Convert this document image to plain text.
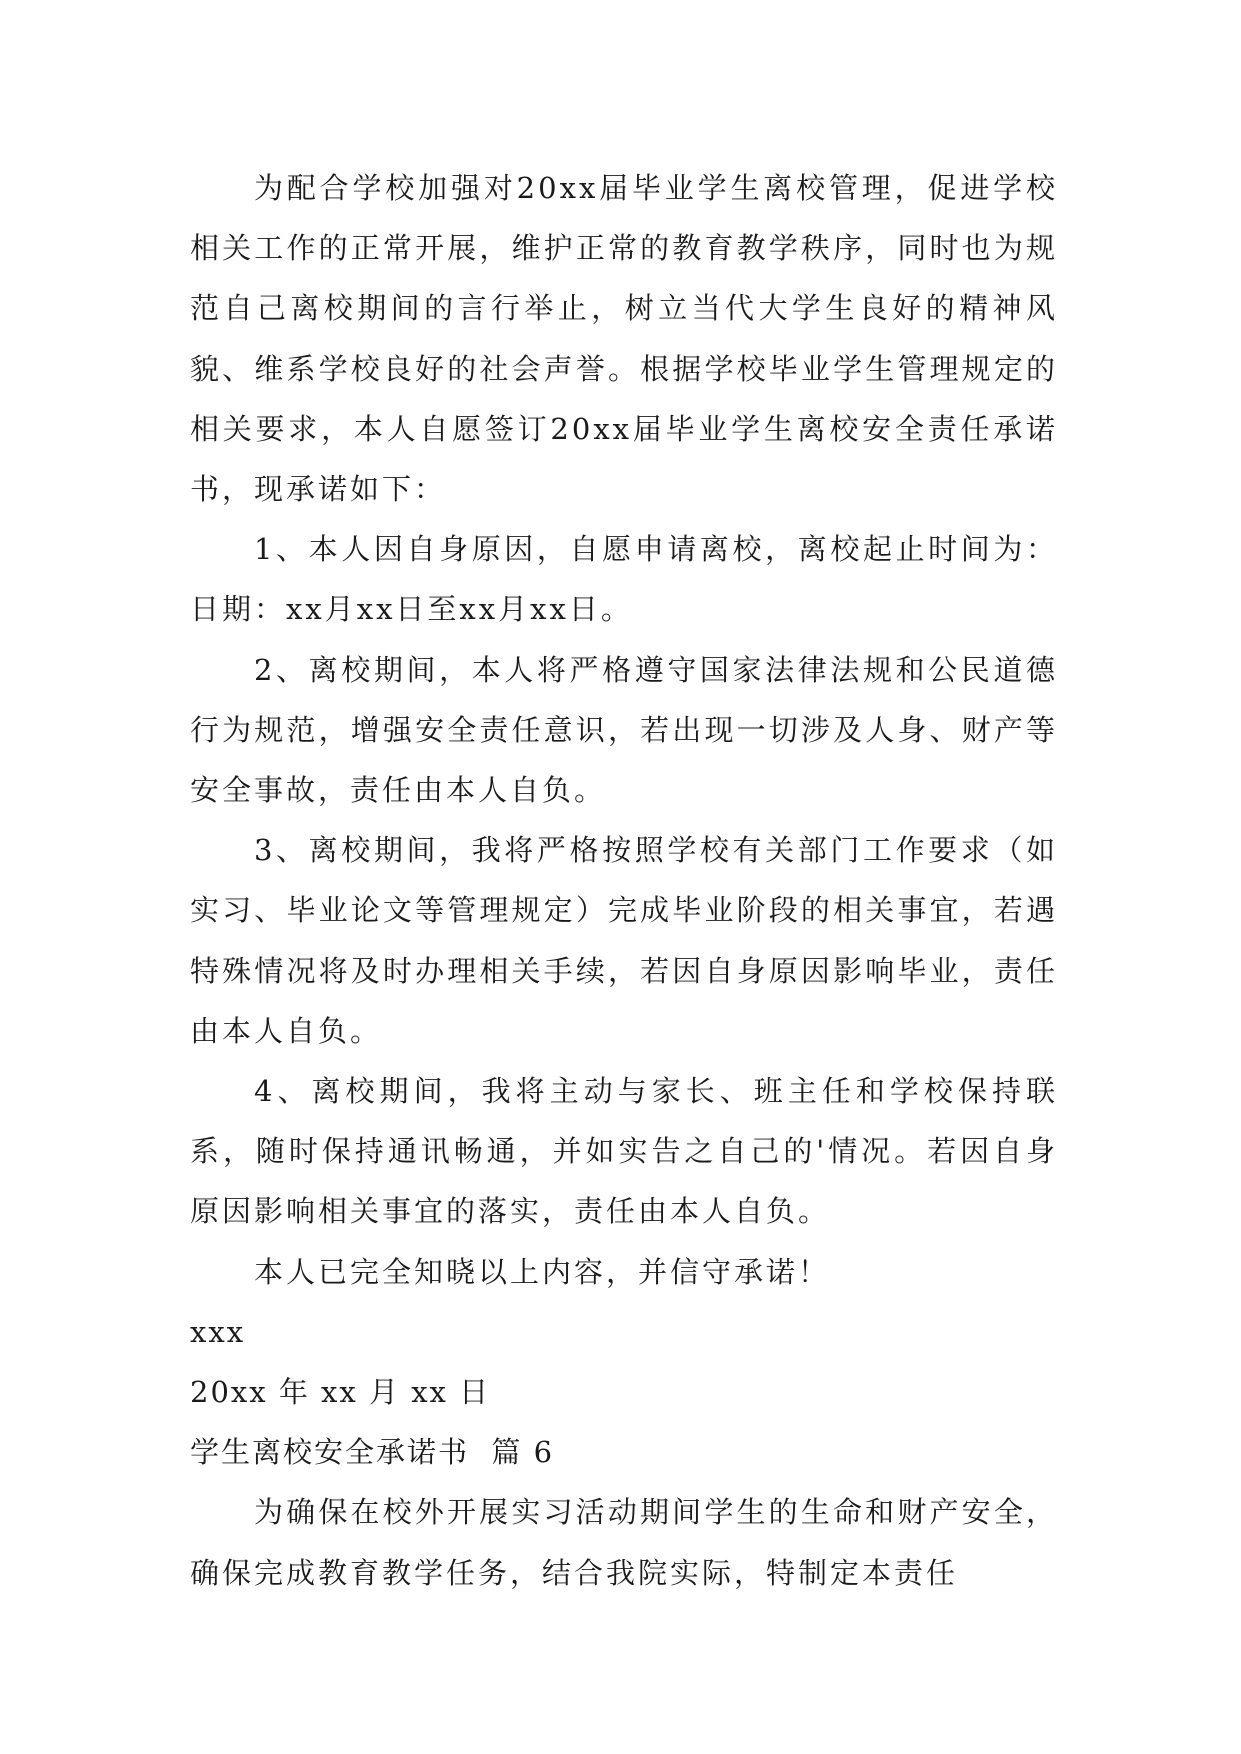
为配合学校加强对20xx届毕业学生离校管理，促进学校相关工作的正常开展，维护正常的教育教学秩序，同时也为规范自己离校期间的言行举止，树立当代大学生良好的精神风貌、维系学校良好的社会声誉。根据学校毕业学生管理规定的相关要求，本人自愿签订20xx届毕业学生离校安全责任承诺书，现承诺如下：

1、本人因自身原因，自愿申请离校，离校起止时间为：日期：xx月xx日至xx月xx日。

2、离校期间，本人将严格遵守国家法律法规和公民道德行为规范，增强安全责任意识，若出现一切涉及人身、财产等安全事故，责任由本人自负。

3、离校期间，我将严格按照学校有关部门工作要求（如实习、毕业论文等管理规定）完成毕业阶段的相关事宜，若遇特殊情况将及时办理相关手续，若因自身原因影响毕业，责任由本人自负。

4、离校期间，我将主动与家长、班主任和学校保持联系，随时保持通讯畅通，并如实告之自己的'情况。若因自身原因影响相关事宜的落实，责任由本人自负。

本人已完全知晓以上内容，并信守承诺！

xxx

20xx 年 xx 月 xx 日

学生离校安全承诺书  篇 6

为确保在校外开展实习活动期间学生的生命和财产安全，确保完成教育教学任务，结合我院实际，特制定本责任
